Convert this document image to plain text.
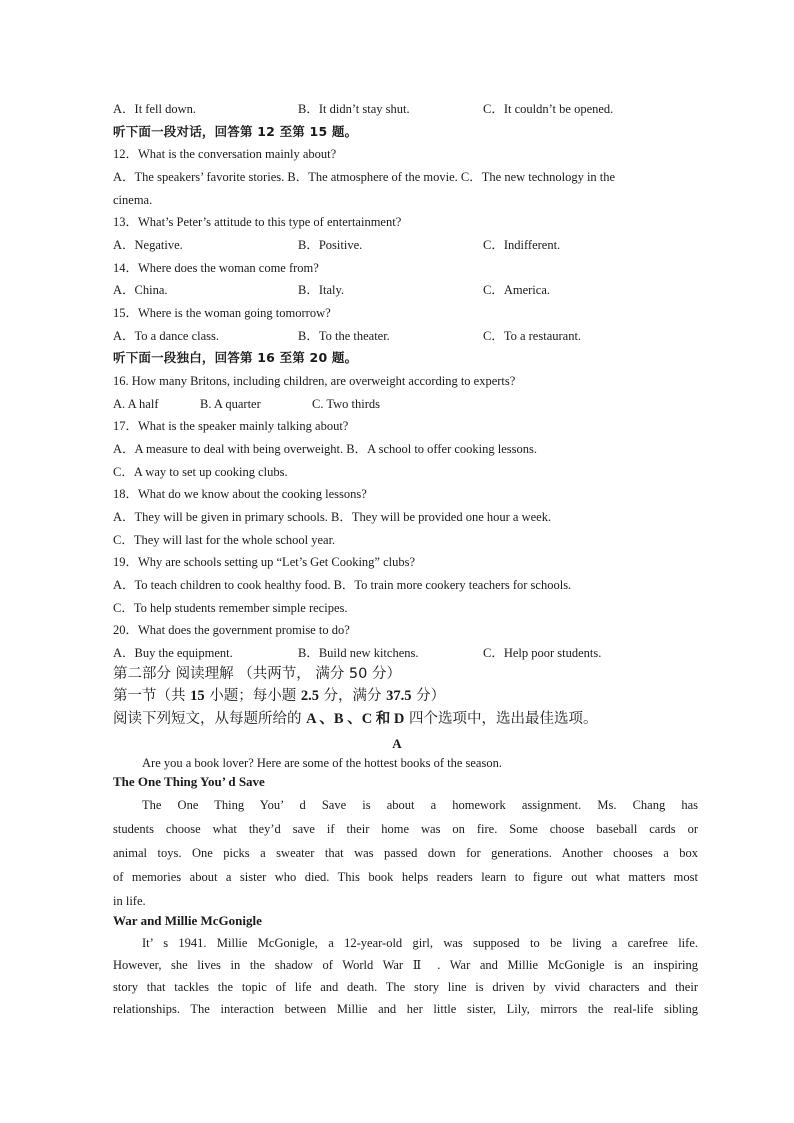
A．It fell down.	B．It didn’t stay shut.	C．It couldn’t be opened.
听下面一段对话，回答第 12 至第 15 题。
12．What is the conversation mainly about?
A．The speakers’ favorite stories. B．The atmosphere of the movie. C．The new technology in the
cinema.
13．What’s Peter’s attitude to this type of entertainment?
A．Negative.	B．Positive.	C．Indifferent.
14．Where does the woman come from?
A．China.	B．Italy.	C．America.
15．Where is the woman going tomorrow?
A．To a dance class.	B．To the theater.	C．To a restaurant.
听下面一段独白，回答第 16 至第 20 题。
16. How many Britons, including children, are overweight according to experts?
A. A half	B. A quarter	C. Two thirds
17．What is the speaker mainly talking about?
A．A measure to deal with being overweight. B．A school to offer cooking lessons.
C．A way to set up cooking clubs.
18．What do we know about the cooking lessons?
A．They will be given in primary schools. B．They will be provided one hour a week.
C．They will last for the whole school year.
19．Why are schools setting up “Let’s Get Cooking” clubs?
A．To teach children to cook healthy food. B．To train more cookery teachers for schools.
C．To help students remember simple recipes.
20．What does the government promise to do?
A．Buy the equipment.	B．Build new kitchens.	C．Help poor students.
第二部分 阅读理解 （共两节， 满分 50 分）
第一节（共 15 小题；每小题 2.5 分，满分 37.5 分）
阅读下列短文，从每题所给的 A 、B 、C 和 D 四个选项中，选出最佳选项。
A
Are you a book lover? Here are some of the hottest books of the season.
The One Thing You’ d Save

The One Thing You’ d Save is about a homework assignment. Ms. Chang has

students choose what they’d save if their home was on fire. Some choose baseball cards or

animal toys. One picks a sweater that was passed down for generations. Another chooses a box

of memories about a sister who died. This book helps readers learn to figure out what matters most

in life.

War and Millie McGonigle

It’ s 1941. Millie McGonigle, a 12-year-old girl, was supposed to be living a carefree life.

However, she lives in the shadow of World War Ⅱ . War and Millie McGonigle is an inspiring

story that tackles the topic of life and death. The story line is driven by vivid characters and their

relationships. The interaction between Millie and her little sister, Lily, mirrors the real-life sibling
